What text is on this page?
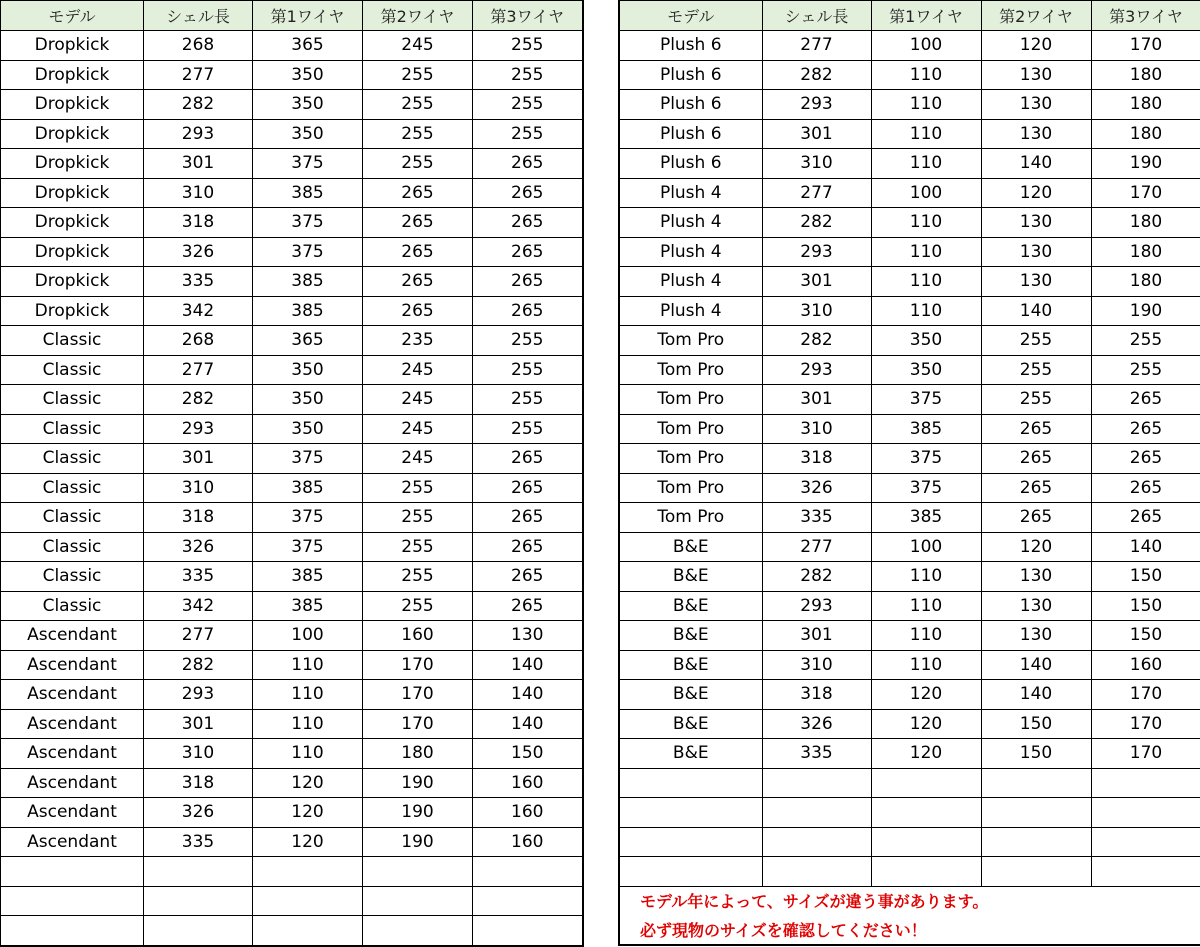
モデル	シェル長	第1ワイヤ	第2ワイヤ	第3ワイヤ
Dropkick	268	365	245	255
Dropkick	277	350	255	255
Dropkick	282	350	255	255
Dropkick	293	350	255	255
Dropkick	301	375	255	265
Dropkick	310	385	265	265
Dropkick	318	375	265	265
Dropkick	326	375	265	265
Dropkick	335	385	265	265
Dropkick	342	385	265	265
Classic	268	365	235	255
Classic	277	350	245	255
Classic	282	350	245	255
Classic	293	350	245	255
Classic	301	375	245	265
Classic	310	385	255	265
Classic	318	375	255	265
Classic	326	375	255	265
Classic	335	385	255	265
Classic	342	385	255	265
Ascendant	277	100	160	130
Ascendant	282	110	170	140
Ascendant	293	110	170	140
Ascendant	301	110	170	140
Ascendant	310	110	180	150
Ascendant	318	120	190	160
Ascendant	326	120	190	160
Ascendant	335	120	190	160

モデル	シェル長	第1ワイヤ	第2ワイヤ	第3ワイヤ
Plush 6	277	100	120	170
Plush 6	282	110	130	180
Plush 6	293	110	130	180
Plush 6	301	110	130	180
Plush 6	310	110	140	190
Plush 4	277	100	120	170
Plush 4	282	110	130	180
Plush 4	293	110	130	180
Plush 4	301	110	130	180
Plush 4	310	110	140	190
Tom Pro	282	350	255	255
Tom Pro	293	350	255	255
Tom Pro	301	375	255	265
Tom Pro	310	385	265	265
Tom Pro	318	375	265	265
Tom Pro	326	375	265	265
Tom Pro	335	385	265	265
B&E	277	100	120	140
B&E	282	110	130	150
B&E	293	110	130	150
B&E	301	110	130	150
B&E	310	110	140	160
B&E	318	120	140	170
B&E	326	120	150	170
B&E	335	120	150	170

モデル年によって、サイズが違う事があります。				

必ず現物のサイズを確認してください！				
